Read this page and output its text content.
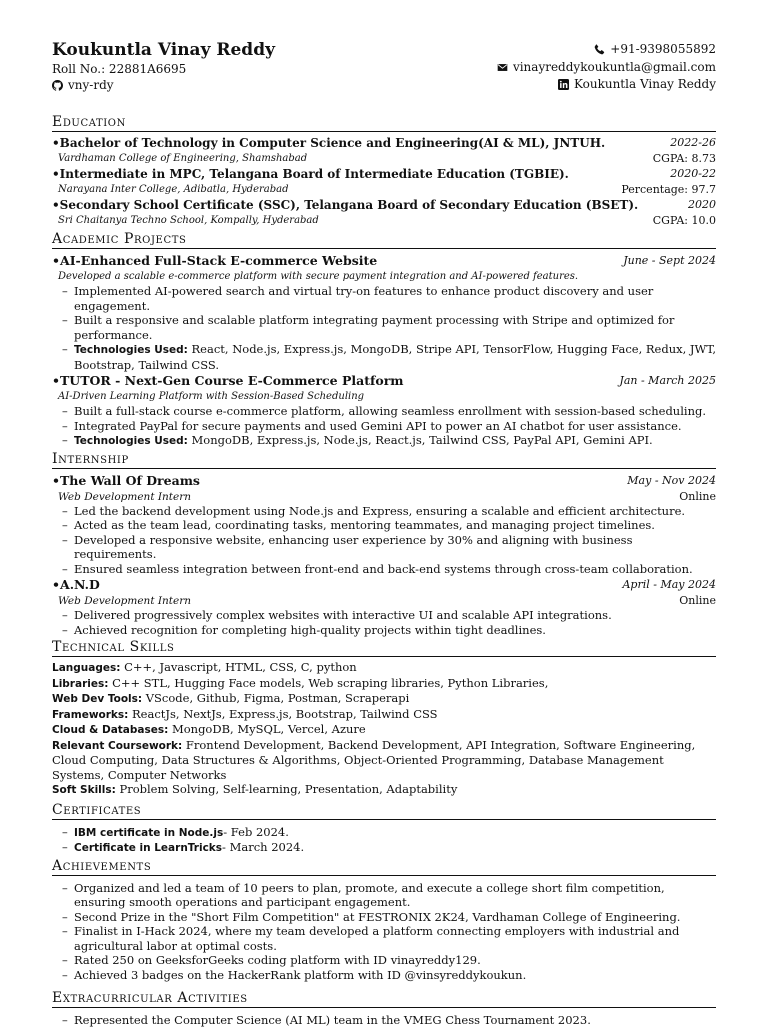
Koukuntla Vinay Reddy
Roll No.: 22881A6695
vny-rdy
+91-9398055892
vinayreddykoukuntla@gmail.com
Koukuntla Vinay Reddy
Education
•Bachelor of Technology in Computer Science and Engineering(AI & ML), JNTUH.	2022-26
Vardhaman College of Engineering, Shamshabad	CGPA: 8.73
•Intermediate in MPC, Telangana Board of Intermediate Education (TGBIE).	2020-22
Narayana Inter College, Adibatla, Hyderabad	Percentage: 97.7
•Secondary School Certificate (SSC), Telangana Board of Secondary Education (BSET).	2020
Sri Chaitanya Techno School, Kompally, Hyderabad	CGPA: 10.0
Academic Projects
•AI-Enhanced Full-Stack E-commerce Website	June - Sept 2024
Developed a scalable e-commerce platform with secure payment integration and AI-powered features.
– Implemented AI-powered search and virtual try-on features to enhance product discovery and user engagement.
– Built a responsive and scalable platform integrating payment processing with Stripe and optimized for performance.
– Technologies Used: React, Node.js, Express.js, MongoDB, Stripe API, TensorFlow, Hugging Face, Redux, JWT, Bootstrap, Tailwind CSS.
•TUTOR - Next-Gen Course E-Commerce Platform	Jan - March 2025
AI-Driven Learning Platform with Session-Based Scheduling
– Built a full-stack course e-commerce platform, allowing seamless enrollment with session-based scheduling.
– Integrated PayPal for secure payments and used Gemini API to power an AI chatbot for user assistance.
– Technologies Used: MongoDB, Express.js, Node.js, React.js, Tailwind CSS, PayPal API, Gemini API.
Internship
•The Wall Of Dreams	May - Nov 2024
Web Development Intern	Online
– Led the backend development using Node.js and Express, ensuring a scalable and efficient architecture.
– Acted as the team lead, coordinating tasks, mentoring teammates, and managing project timelines.
– Developed a responsive website, enhancing user experience by 30% and aligning with business requirements.
– Ensured seamless integration between front-end and back-end systems through cross-team collaboration.
•A.N.D	April - May 2024
Web Development Intern	Online
– Delivered progressively complex websites with interactive UI and scalable API integrations.
– Achieved recognition for completing high-quality projects within tight deadlines.
Technical Skills
Languages: C++, Javascript, HTML, CSS, C, python
Libraries: C++ STL, Hugging Face models, Web scraping libraries, Python Libraries,
Web Dev Tools: VScode, Github, Figma, Postman, Scraperapi
Frameworks: ReactJs, NextJs, Express.js, Bootstrap, Tailwind CSS
Cloud & Databases: MongoDB, MySQL, Vercel, Azure
Relevant Coursework: Frontend Development, Backend Development, API Integration, Software Engineering, Cloud Computing, Data Structures & Algorithms, Object-Oriented Programming, Database Management Systems, Computer Networks
Soft Skills: Problem Solving, Self-learning, Presentation, Adaptability
Certificates
– IBM certificate in Node.js- Feb 2024.
– Certificate in LearnTricks- March 2024.
Achievements
– Organized and led a team of 10 peers to plan, promote, and execute a college short film competition, ensuring smooth operations and participant engagement.
– Second Prize in the "Short Film Competition" at FESTRONIX 2K24, Vardhaman College of Engineering.
– Finalist in I-Hack 2024, where my team developed a platform connecting employers with industrial and agricultural labor at optimal costs.
– Rated 250 on GeeksforGeeks coding platform with ID vinayreddy129.
– Achieved 3 badges on the HackerRank platform with ID @vinsyreddykoukun.
Extracurricular Activities
– Represented the Computer Science (AI ML) team in the VMEG Chess Tournament 2023.
